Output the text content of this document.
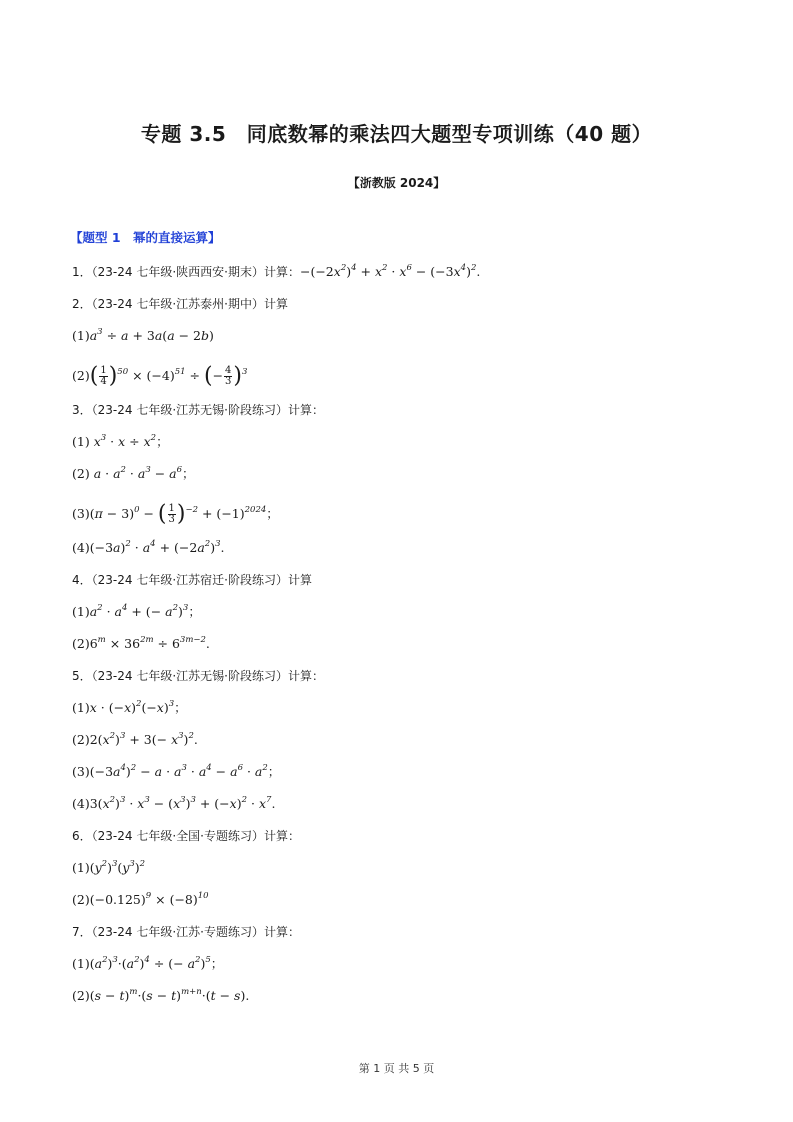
专题 3.5　同底数幂的乘法四大题型专项训练（40 题）
【浙教版 2024】
【题型 1　幂的直接运算】
1．（23-24 七年级·陕西西安·期末）计算：$-(-2x^2)^4 + x^2 \cdot x^6 - (-3x^4)^2$.
2．（23-24 七年级·江苏泰州·期中）计算
$(1)a^3 \div a + 3a(a - 2b)$
$(2)( \frac{1}{4} )^{50} \times (-4)^{51}$ ÷ (− $\frac{4}{3} )^3$
3．（23-24 七年级·江苏无锡·阶段练习）计算：
(1) $x^3 \cdot x \div x^2$；
(2) $a \cdot a^2 \cdot a^3 - a^6$；
$(3)(\pi - 3)^0$ − ( $\frac{1}{3} )^{-2} + (-1)^{2024}$；
$(4)(-3a)^2 \cdot a^4 + (-2a^2)^3$.
4．（23-24 七年级·江苏宿迁·阶段练习）计算
$(1)a^2 \cdot a^4$ + (− $a^2)^3$；
$(2)6^m \times 36^{2m} \div 6^{3m-2}$.
5．（23-24 七年级·江苏无锡·阶段练习）计算：
$(1)x \cdot (-x)^2(-x)^3$；
$(2)2(x^2)^3 + 3(- x^3)^2$.
$(3)(-3a^4)^2 - a \cdot a^3 \cdot a^4 - a^6 \cdot a^2$；
$(4)3(x^2)^3 \cdot x^3 - (x^3)^3 + (-x)^2 \cdot x^7$.
6．（23-24 七年级·全国·专题练习）计算：
$(1)(y^2)^3(y^3)^2$
$(2)(-0.125)^9 \times (-8)^{10}$
7．（23-24 七年级·江苏·专题练习）计算：
$(1)(a^2)^3\cdot(a^2)^4$ ÷ (− $a^2)^5$；
$(2)(s - t)^m\cdot(s - t)^{m+n}\cdot(t - s)$.
第 1 页 共 5 页
